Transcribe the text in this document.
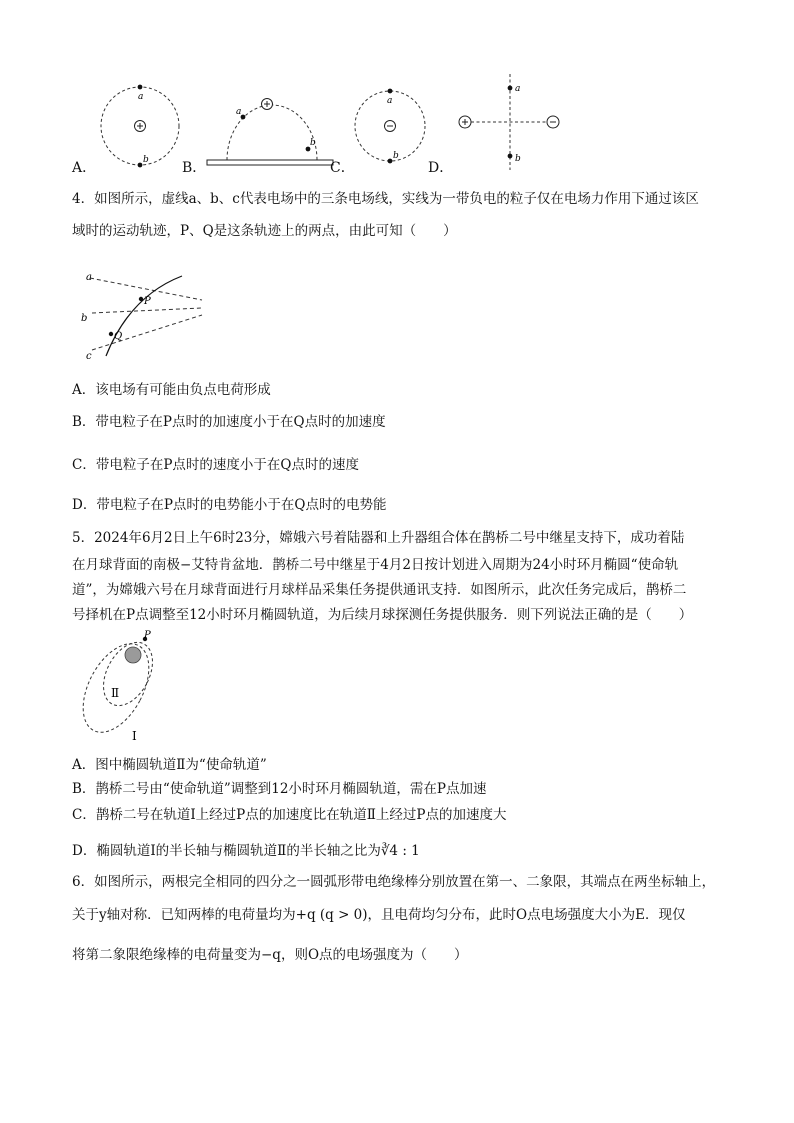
A．
a
b B．
a
b
C．
a
b
D．
a
b
4．如图所示，虚线a、b、c代表电场中的三条电场线，实线为一带负电的粒子仅在电场力作用下通过该区
域时的运动轨迹，P、Q是这条轨迹上的两点，由此可知（　　）
a
b
c
P
Q
A．该电场有可能由负点电荷形成
B．带电粒子在P点时的加速度小于在Q点时的加速度
C．带电粒子在P点时的速度小于在Q点时的速度
D．带电粒子在P点时的电势能小于在Q点时的电势能
5．2024年6月2日上午6时23分，嫦娥六号着陆器和上升器组合体在鹊桥二号中继星支持下，成功着陆
在月球背面的南极−艾特肯盆地．鹊桥二号中继星于4月2日按计划进入周期为24小时环月椭圆“使命轨
道”，为嫦娥六号在月球背面进行月球样品采集任务提供通讯支持．如图所示，此次任务完成后，鹊桥二
号择机在P点调整至12小时环月椭圆轨道，为后续月球探测任务提供服务．则下列说法正确的是（　　）
P
Ⅱ
Ⅰ
A．图中椭圆轨道Ⅱ为“使命轨道”
B．鹊桥二号由“使命轨道”调整到12小时环月椭圆轨道，需在P点加速
C．鹊桥二号在轨道Ⅰ上经过P点的加速度比在轨道Ⅱ上经过P点的加速度大
D．椭圆轨道Ⅰ的半长轴与椭圆轨道Ⅱ的半长轴之比为∛4 : 1
6．如图所示，两根完全相同的四分之一圆弧形带电绝缘棒分别放置在第一、二象限，其端点在两坐标轴上，
关于y轴对称．已知两棒的电荷量均为+q (q > 0)，且电荷均匀分布，此时O点电场强度大小为E．现仅
将第二象限绝缘棒的电荷量变为−q，则O点的电场强度为（　　）
